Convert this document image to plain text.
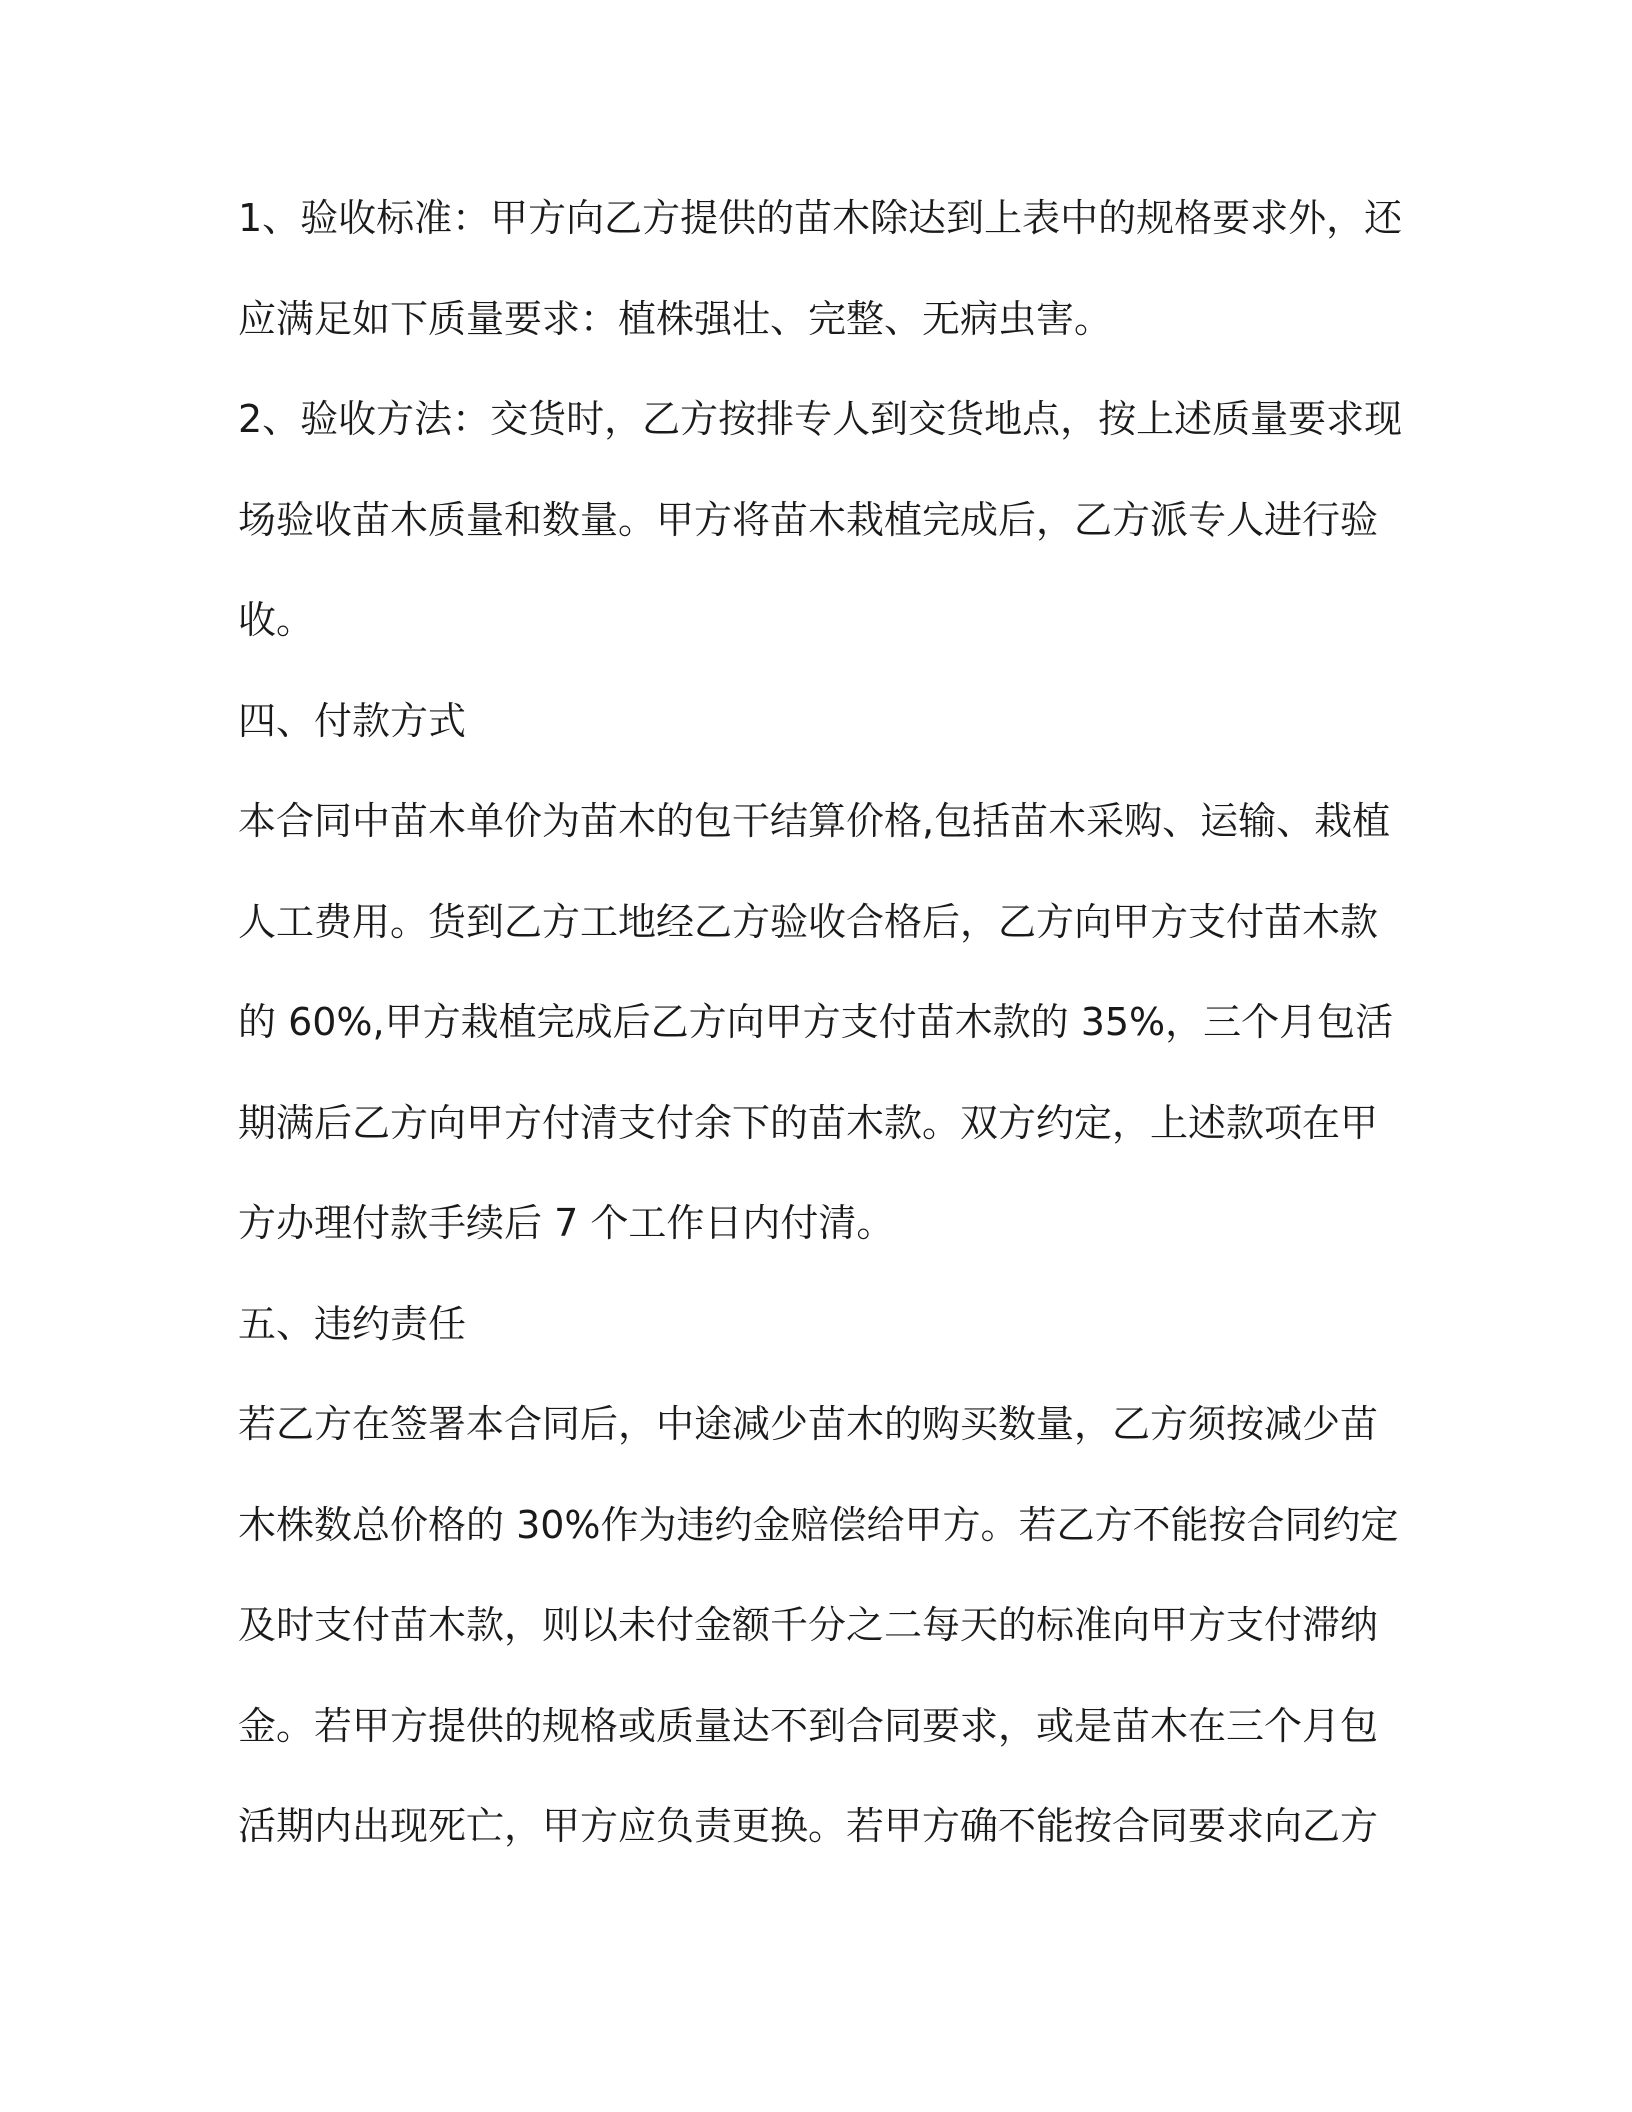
1、验收标准：甲方向乙方提供的苗木除达到上表中的规格要求外，还
应满足如下质量要求：植株强壮、完整、无病虫害。
2、验收方法：交货时，乙方按排专人到交货地点，按上述质量要求现
场验收苗木质量和数量。甲方将苗木栽植完成后，乙方派专人进行验
收。
四、付款方式
本合同中苗木单价为苗木的包干结算价格,包括苗木采购、运输、栽植
人工费用。货到乙方工地经乙方验收合格后，乙方向甲方支付苗木款
的 60%,甲方栽植完成后乙方向甲方支付苗木款的 35%，三个月包活
期满后乙方向甲方付清支付余下的苗木款。双方约定，上述款项在甲
方办理付款手续后 7 个工作日内付清。
五、违约责任
若乙方在签署本合同后，中途减少苗木的购买数量，乙方须按减少苗
木株数总价格的 30%作为违约金赔偿给甲方。若乙方不能按合同约定
及时支付苗木款，则以未付金额千分之二每天的标准向甲方支付滞纳
金。若甲方提供的规格或质量达不到合同要求，或是苗木在三个月包
活期内出现死亡，甲方应负责更换。若甲方确不能按合同要求向乙方
